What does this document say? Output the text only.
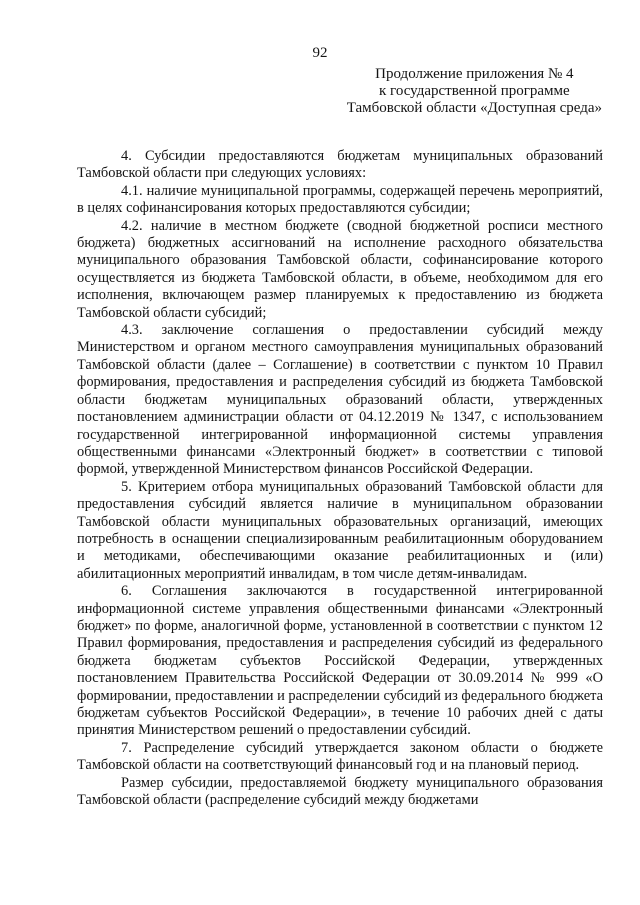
92
Продолжение приложения № 4
к государственной программе
Тамбовской области «Доступная среда»

4. Субсидии предоставляются бюджетам муниципальных образований Тамбовской области при следующих условиях:

4.1. наличие муниципальной программы, содержащей перечень мероприятий, в целях софинансирования которых предоставляются субсидии;

4.2. наличие в местном бюджете (сводной бюджетной росписи местного бюджета) бюджетных ассигнований на исполнение расходного обязательства муниципального образования Тамбовской области, софинансирование которого осуществляется из бюджета Тамбовской области, в объеме, необходимом для его исполнения, включающем размер планируемых к предоставлению из бюджета Тамбовской области субсидий;

4.3. заключение соглашения о предоставлении субсидий между Министерством и органом местного самоуправления муниципальных образований Тамбовской области (далее – Соглашение) в соответствии с пунктом 10 Правил формирования, предоставления и распределения субсидий из бюджета Тамбовской области бюджетам муниципальных образований области, утвержденных постановлением администрации области от 04.12.2019 № 1347, с использованием государственной интегрированной информационной системы управления общественными финансами «Электронный бюджет» в соответствии с типовой формой, утвержденной Министерством финансов Российской Федерации.

5. Критерием отбора муниципальных образований Тамбовской области для предоставления субсидий является наличие в муниципальном образовании Тамбовской области муниципальных образовательных организаций, имеющих потребность в оснащении специализированным реабилитационным оборудованием и методиками, обеспечивающими оказание реабилитационных и (или) абилитационных мероприятий инвалидам, в том числе детям-инвалидам.

6. Соглашения заключаются в государственной интегрированной информационной системе управления общественными финансами «Электронный бюджет» по форме, аналогичной форме, установленной в соответствии с пунктом 12 Правил формирования, предоставления и распределения субсидий из федерального бюджета бюджетам субъектов Российской Федерации, утвержденных постановлением Правительства Российской Федерации от 30.09.2014 № 999 «О формировании, предоставлении и распределении субсидий из федерального бюджета бюджетам субъектов Российской Федерации», в течение 10 рабочих дней с даты принятия Министерством решений о предоставлении субсидий.

7. Распределение субсидий утверждается законом области о бюджете Тамбовской области на соответствующий финансовый год и на плановый период.

Размер субсидии, предоставляемой бюджету муниципального образования Тамбовской области (распределение субсидий между бюджетами
